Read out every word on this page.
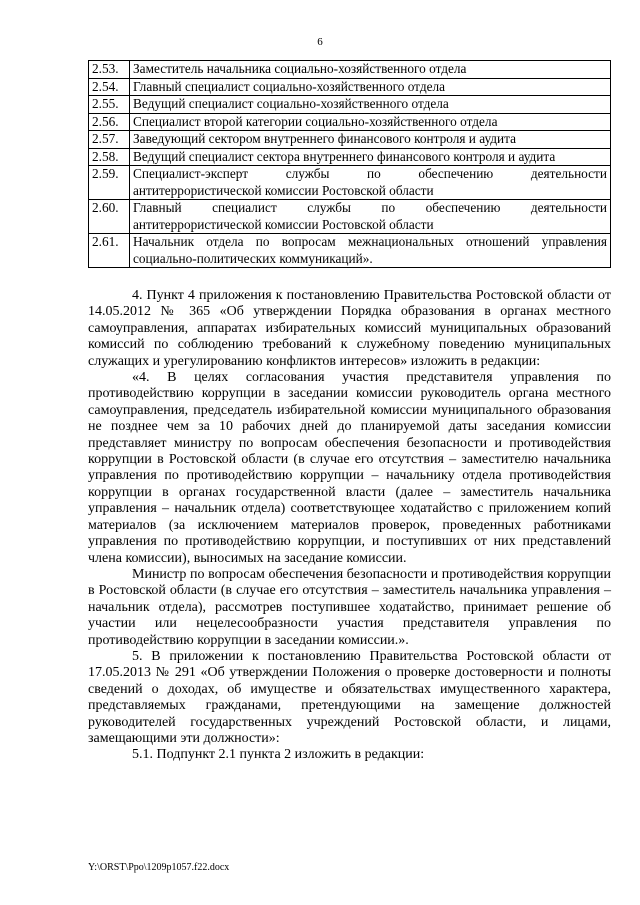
6
2.53.	Заместитель начальника социально-хозяйственного отдела
2.54.	Главный специалист социально-хозяйственного отдела
2.55.	Ведущий специалист социально-хозяйственного отдела
2.56.	Специалист второй категории социально-хозяйственного отдела
2.57.	Заведующий сектором внутреннего финансового контроля и аудита
2.58.	Ведущий специалист сектора внутреннего финансового контроля и аудита
2.59.	Специалист-эксперт службы по обеспечению деятельности
антитеррористической комиссии Ростовской области
2.60.	Главный специалист службы по обеспечению деятельности
антитеррористической комиссии Ростовской области
2.61.	Начальник отдела по вопросам межнациональных отношений управления
социально-политических коммуникаций».

4. Пункт 4 приложения к постановлению Правительства Ростовской области от 14.05.2012 № 365 «Об утверждении Порядка образования в органах местного самоуправления, аппаратах избирательных комиссий муниципальных образований комиссий по соблюдению требований к служебному поведению муниципальных служащих и урегулированию конфликтов интересов» изложить в редакции:

«4. В целях согласования участия представителя управления по противодействию коррупции в заседании комиссии руководитель органа местного самоуправления, председатель избирательной комиссии муниципального образования не позднее чем за 10 рабочих дней до планируемой даты заседания комиссии представляет министру по вопросам обеспечения безопасности и противодействия коррупции в Ростовской области (в случае его отсутствия – заместителю начальника управления по противодействию коррупции – начальнику отдела противодействия коррупции в органах государственной власти (далее – заместитель начальника управления – начальник отдела) соответствующее ходатайство с приложением копий материалов (за исключением материалов проверок, проведенных работниками управления по противодействию коррупции, и поступивших от них представлений члена комиссии), выносимых на заседание комиссии.

Министр по вопросам обеспечения безопасности и противодействия коррупции в Ростовской области (в случае его отсутствия – заместитель начальника управления – начальник отдела), рассмотрев поступившее ходатайство, принимает решение об участии или нецелесообразности участия представителя управления по противодействию коррупции в заседании комиссии.».

5. В приложении к постановлению Правительства Ростовской области от 17.05.2013 № 291 «Об утверждении Положения о проверке достоверности и полноты сведений о доходах, об имуществе и обязательствах имущественного характера, представляемых гражданами, претендующими на замещение должностей руководителей государственных учреждений Ростовской области, и лицами, замещающими эти должности»:

5.1. Подпункт 2.1 пункта 2 изложить в редакции:

Y:\ORST\Ppo\1209p1057.f22.docx
